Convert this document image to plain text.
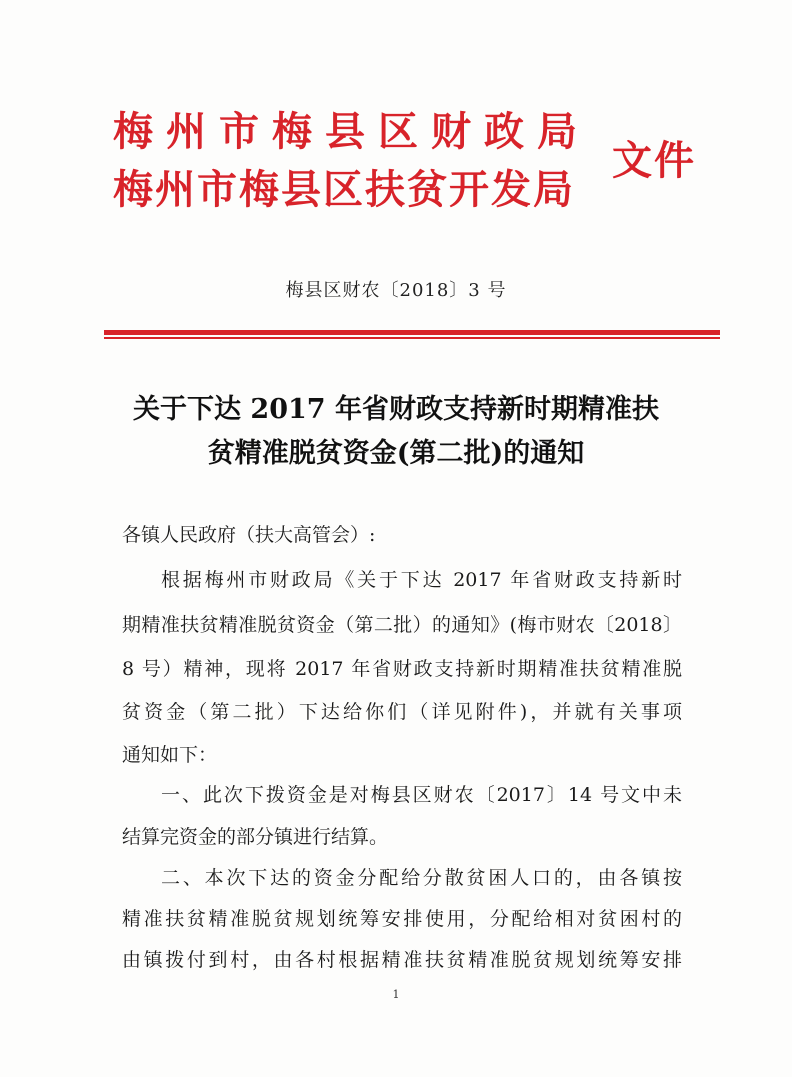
梅州市梅县区财政局
梅州市梅县区扶贫开发局
文件
梅县区财农〔2018〕3 号
关于下达 2017 年省财政支持新时期精准扶
贫精准脱贫资金(第二批)的通知
各镇人民政府（扶大高管会）:
根据梅州市财政局《关于下达 2017 年省财政支持新时
期精准扶贫精准脱贫资金（第二批）的通知》(梅市财农〔2018〕
8 号）精神，现将 2017 年省财政支持新时期精准扶贫精准脱
贫资金（第二批）下达给你们（详见附件)，并就有关事项
通知如下：
一、此次下拨资金是对梅县区财农〔2017〕14 号文中未
结算完资金的部分镇进行结算。
二、本次下达的资金分配给分散贫困人口的，由各镇按
精准扶贫精准脱贫规划统筹安排使用，分配给相对贫困村的
由镇拨付到村，由各村根据精准扶贫精准脱贫规划统筹安排
1
